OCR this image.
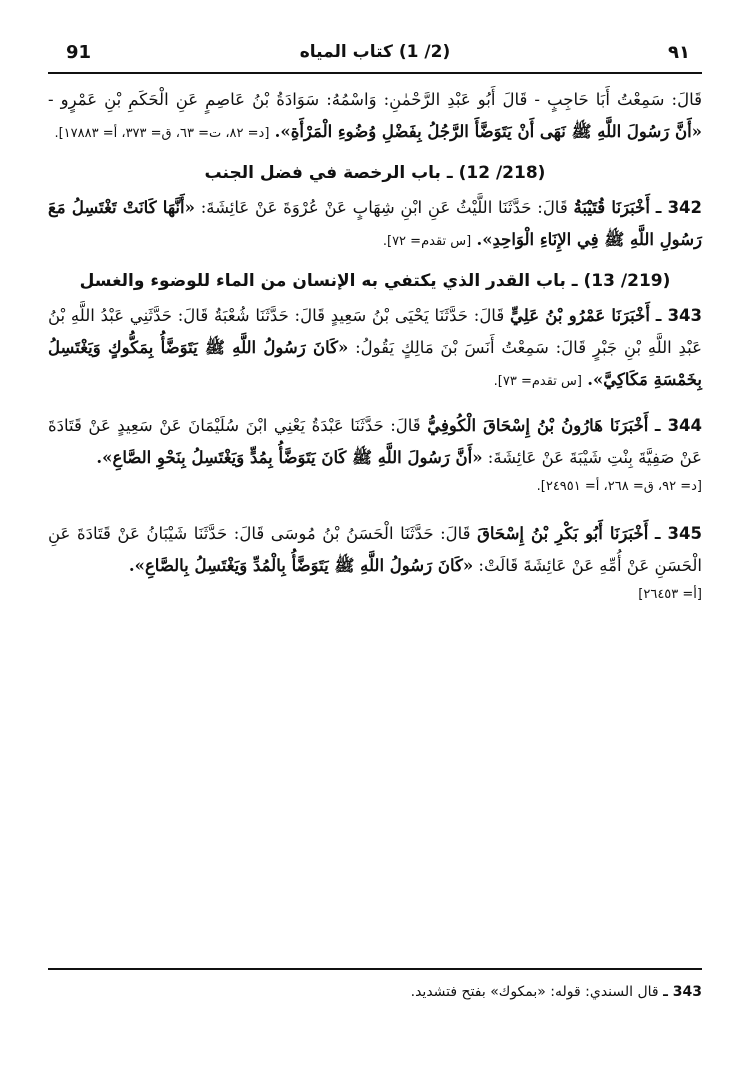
91	(2/ 1) كتاب المياه	٩١

قَالَ: سَمِعْتُ أَبَا حَاجِبٍ - قَالَ أَبُو عَبْدِ الرَّحْمٰنِ: وَاسْمُهُ: سَوَادَةُ بْنُ عَاصِمٍ عَنِ الْحَكَمِ بْنِ عَمْرٍو - «أَنَّ رَسُولَ اللَّهِ ﷺ نَهَى أَنْ يَتَوَضَّأَ الرَّجُلُ بِفَضْلِ وُضُوءِ الْمَرْأَةِ». [د= ٨٢، ت= ٦٣، ق= ٣٧٣، أ= ١٧٨٨٣].

(218/ 12) ـ باب الرخصة في فضل الجنب

342 ـ أَخْبَرَنَا قُتَيْبَةُ قَالَ: حَدَّثَنَا اللَّيْثُ عَنِ ابْنِ شِهَابٍ عَنْ عُرْوَةَ عَنْ عَائِشَةَ: «أَنَّهَا كَانَتْ تَغْتَسِلُ مَعَ رَسُولِ اللَّهِ ﷺ فِي الإِنَاءِ الْوَاحِدِ». [س تقدم= ٧٢].

(219/ 13) ـ باب القدر الذي يكتفي به الإنسان من الماء للوضوء والغسل

343 ـ أَخْبَرَنَا عَمْرُو بْنُ عَلِيٍّ قَالَ: حَدَّثَنَا يَحْيَى بْنُ سَعِيدٍ قَالَ: حَدَّثَنَا شُعْبَةُ قَالَ: حَدَّثَنِي عَبْدُ اللَّهِ بْنُ عَبْدِ اللَّهِ بْنِ جَبْرٍ قَالَ: سَمِعْتُ أَنَسَ بْنَ مَالِكٍ يَقُولُ: «كَانَ رَسُولُ اللَّهِ ﷺ يَتَوَضَّأُ بِمَكُّوكٍ وَيَغْتَسِلُ بِخَمْسَةِ مَكَاكِيَّ». [س تقدم= ٧٣].

344 ـ أَخْبَرَنَا هَارُونُ بْنُ إِسْحَاقَ الْكُوفِيُّ قَالَ: حَدَّثَنَا عَبْدَةُ يَعْنِي ابْنَ سُلَيْمَانَ عَنْ سَعِيدٍ عَنْ قَتَادَةَ عَنْ صَفِيَّةَ بِنْتِ شَيْبَةَ عَنْ عَائِشَةَ: «أَنَّ رَسُولَ اللَّهِ ﷺ كَانَ يَتَوَضَّأُ بِمُدٍّ وَيَغْتَسِلُ بِنَحْوِ الصَّاعِ».

[د= ٩٢، ق= ٢٦٨، أ= ٢٤٩٥١].

345 ـ أَخْبَرَنَا أَبُو بَكْرِ بْنُ إِسْحَاقَ قَالَ: حَدَّثَنَا الْحَسَنُ بْنُ مُوسَى قَالَ: حَدَّثَنَا شَيْبَانُ عَنْ قَتَادَةَ عَنِ الْحَسَنِ عَنْ أُمِّهِ عَنْ عَائِشَةَ قَالَتْ: «كَانَ رَسُولُ اللَّهِ ﷺ يَتَوَضَّأُ بِالْمُدِّ وَيَغْتَسِلُ بِالصَّاعِ».

[أ= ٢٦٤٥٣]
343 ـ قال السندي: قوله: «بمكوك» بفتح فتشديد.
